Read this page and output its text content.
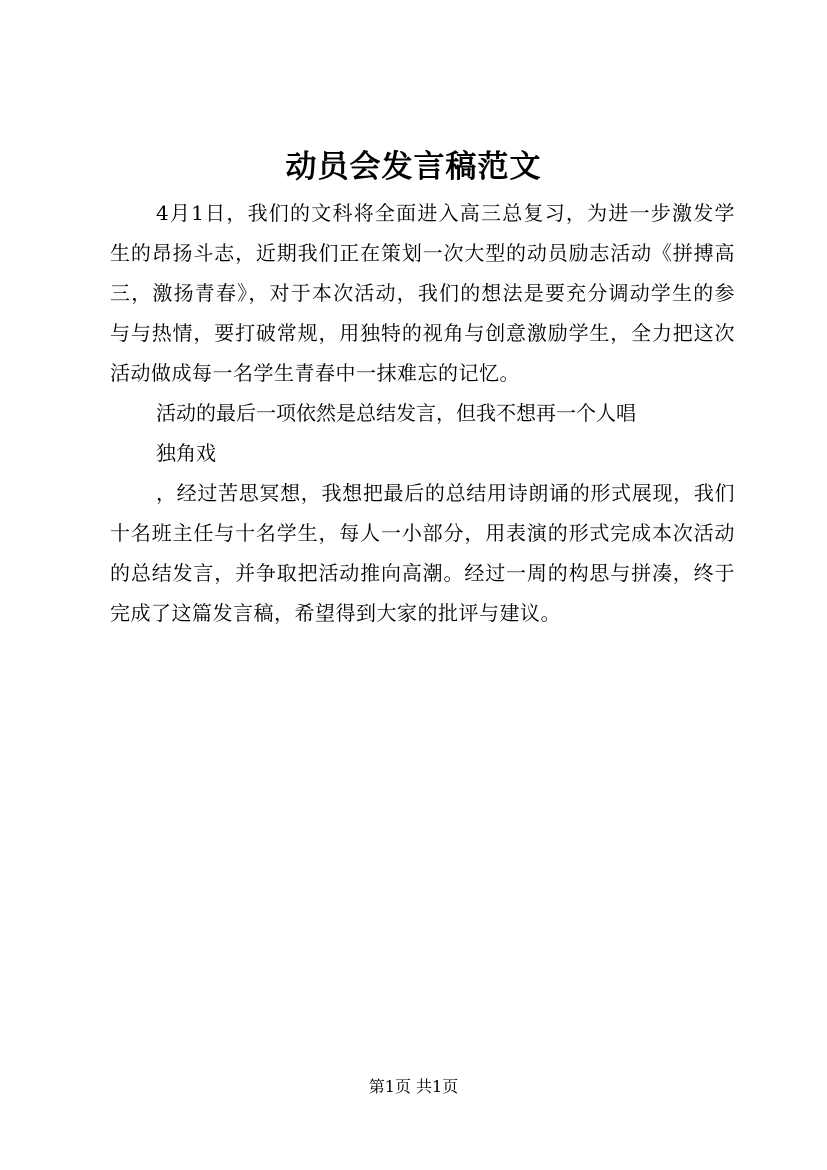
动员会发言稿范文

4月1日，我们的文科将全面进入高三总复习，为进一步激发学生的昂扬斗志，近期我们正在策划一次大型的动员励志活动《拼搏高三，激扬青春》，对于本次活动，我们的想法是要充分调动学生的参与与热情，要打破常规，用独特的视角与创意激励学生，全力把这次活动做成每一名学生青春中一抹难忘的记忆。

活动的最后一项依然是总结发言，但我不想再一个人唱

独角戏

，经过苦思冥想，我想把最后的总结用诗朗诵的形式展现，我们十名班主任与十名学生，每人一小部分，用表演的形式完成本次活动的总结发言，并争取把活动推向高潮。经过一周的构思与拼凑，终于完成了这篇发言稿，希望得到大家的批评与建议。

第1页 共1页
